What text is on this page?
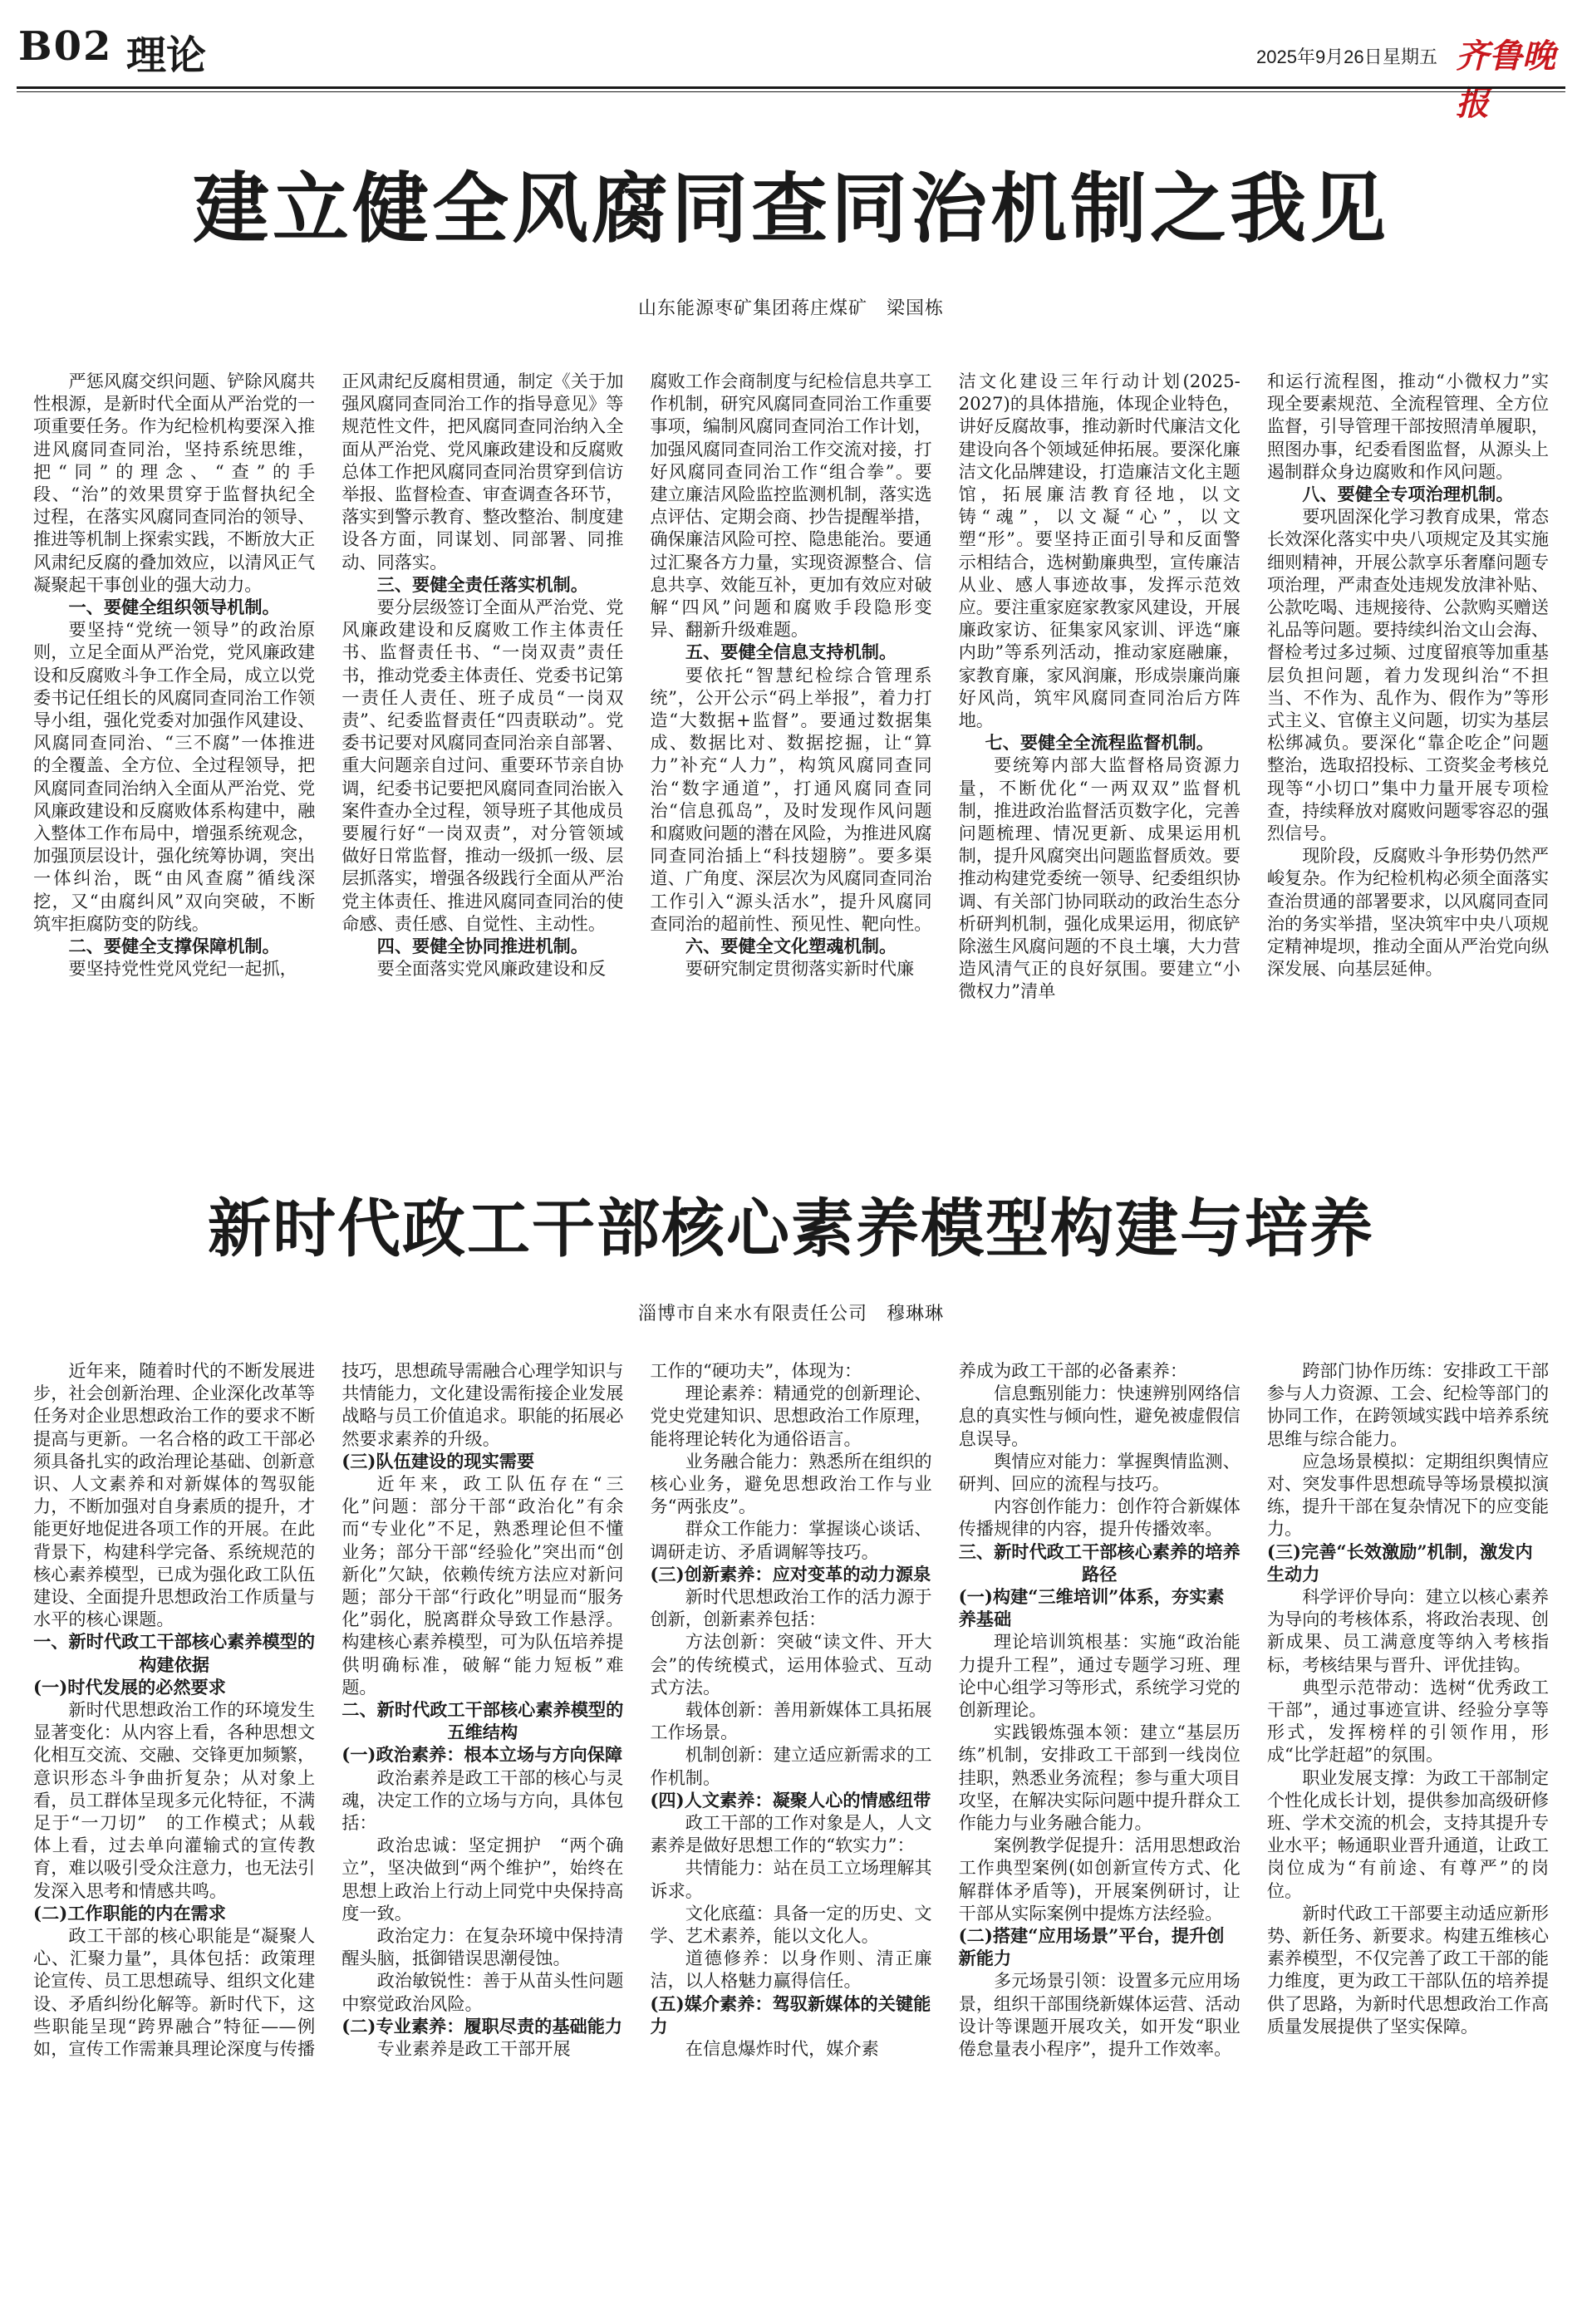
B02 理论	2025年9月26日 星期五 齐鲁晚报
建立健全风腐同查同治机制之我见
山东能源枣矿集团蒋庄煤矿　梁国栋

严惩风腐交织问题、铲除风腐共性根源，是新时代全面从严治党的一项重要任务。作为纪检机构要深入推进风腐同查同治，坚持系统思维，把“同”的理念、“查”的手段、“治”的效果贯穿于监督执纪全过程，在落实风腐同查同治的领导、推进等机制上探索实践，不断放大正风肃纪反腐的叠加效应，以清风正气凝聚起干事创业的强大动力。

一、要健全组织领导机制。

要坚持“党统一领导”的政治原则，立足全面从严治党，党风廉政建设和反腐败斗争工作全局，成立以党委书记任组长的风腐同查同治工作领导小组，强化党委对加强作风建设、风腐同查同治、“三不腐”一体推进的全覆盖、全方位、全过程领导，把风腐同查同治纳入全面从严治党、党风廉政建设和反腐败体系构建中，融入整体工作布局中，增强系统观念，加强顶层设计，强化统筹协调，突出一体纠治，既“由风查腐”循线深挖，又“由腐纠风”双向突破，不断筑牢拒腐防变的防线。

二、要健全支撑保障机制。

要坚持党性党风党纪一起抓，

正风肃纪反腐相贯通，制定《关于加强风腐同查同治工作的指导意见》等规范性文件，把风腐同查同治纳入全面从严治党、党风廉政建设和反腐败总体工作把风腐同查同治贯穿到信访举报、监督检查、审查调查各环节，落实到警示教育、整改整治、制度建设各方面，同谋划、同部署、同推动、同落实。

三、要健全责任落实机制。

要分层级签订全面从严治党、党风廉政建设和反腐败工作主体责任书、监督责任书、“一岗双责”责任书，推动党委主体责任、党委书记第一责任人责任、班子成员“一岗双责”、纪委监督责任“四责联动”。党委书记要对风腐同查同治亲自部署、重大问题亲自过问、重要环节亲自协调，纪委书记要把风腐同查同治嵌入案件查办全过程，领导班子其他成员要履行好“一岗双责”，对分管领域做好日常监督，推动一级抓一级、层层抓落实，增强各级践行全面从严治党主体责任、推进风腐同查同治的使命感、责任感、自觉性、主动性。

四、要健全协同推进机制。

要全面落实党风廉政建设和反

腐败工作会商制度与纪检信息共享工作机制，研究风腐同查同治工作重要事项，编制风腐同查同治工作计划，加强风腐同查同治工作交流对接，打好风腐同查同治工作“组合拳”。要建立廉洁风险监控监测机制，落实选点评估、定期会商、抄告提醒举措，确保廉洁风险可控、隐患能治。要通过汇聚各方力量，实现资源整合、信息共享、效能互补，更加有效应对破解“四风”问题和腐败手段隐形变异、翻新升级难题。

五、要健全信息支持机制。

要依托“智慧纪检综合管理系统”，公开公示“码上举报”，着力打造“大数据+监督”。要通过数据集成、数据比对、数据挖掘，让“算力”补充“人力”，构筑风腐同查同治“数字通道”，打通风腐同查同治“信息孤岛”，及时发现作风问题和腐败问题的潜在风险，为推进风腐同查同治插上“科技翅膀”。要多渠道、广角度、深层次为风腐同查同治工作引入“源头活水”，提升风腐同查同治的超前性、预见性、靶向性。

六、要健全文化塑魂机制。

要研究制定贯彻落实新时代廉

洁文化建设三年行动计划(2025-2027)的具体措施，体现企业特色，讲好反腐故事，推动新时代廉洁文化建设向各个领域延伸拓展。要深化廉洁文化品牌建设，打造廉洁文化主题馆，拓展廉洁教育径地，以文铸“魂”，以文凝“心”，以文塑“形”。要坚持正面引导和反面警示相结合，选树勤廉典型，宣传廉洁从业、感人事迹故事，发挥示范效应。要注重家庭家教家风建设，开展廉政家访、征集家风家训、评选“廉内助”等系列活动，推动家庭融廉，家教育廉，家风润廉，形成崇廉尚廉好风尚，筑牢风腐同查同治后方阵地。

七、要健全全流程监督机制。

要统筹内部大监督格局资源力量，不断优化“一两双双”监督机制，推进政治监督活页数字化，完善问题梳理、情况更新、成果运用机制，提升风腐突出问题监督质效。要推动构建党委统一领导、纪委组织协调、有关部门协同联动的政治生态分析研判机制，强化成果运用，彻底铲除滋生风腐问题的不良土壤，大力营造风清气正的良好氛围。要建立“小微权力”清单

和运行流程图，推动“小微权力”实现全要素规范、全流程管理、全方位监督，引导管理干部按照清单履职，照图办事，纪委看图监督，从源头上遏制群众身边腐败和作风问题。

八、要健全专项治理机制。

要巩固深化学习教育成果，常态长效深化落实中央八项规定及其实施细则精神，开展公款享乐奢靡问题专项治理，严肃查处违规发放津补贴、公款吃喝、违规接待、公款购买赠送礼品等问题。要持续纠治文山会海、督检考过多过频、过度留痕等加重基层负担问题，着力发现纠治“不担当、不作为、乱作为、假作为”等形式主义、官僚主义问题，切实为基层松绑减负。要深化“靠企吃企”问题整治，选取招投标、工资奖金考核兑现等“小切口”集中力量开展专项检查，持续释放对腐败问题零容忍的强烈信号。

现阶段，反腐败斗争形势仍然严峻复杂。作为纪检机构必须全面落实查治贯通的部署要求，以风腐同查同治的务实举措，坚决筑牢中央八项规定精神堤坝，推动全面从严治党向纵深发展、向基层延伸。

新时代政工干部核心素养模型构建与培养
淄博市自来水有限责任公司　穆琳琳

近年来，随着时代的不断发展进步，社会创新治理、企业深化改革等任务对企业思想政治工作的要求不断提高与更新。一名合格的政工干部必须具备扎实的政治理论基础、创新意识、人文素养和对新媒体的驾驭能力，不断加强对自身素质的提升，才能更好地促进各项工作的开展。在此背景下，构建科学完备、系统规范的核心素养模型，已成为强化政工队伍建设、全面提升思想政治工作质量与水平的核心课题。

一、新时代政工干部核心素养模型的构建依据
(一)时代发展的必然要求

新时代思想政治工作的环境发生显著变化：从内容上看，各种思想文化相互交流、交融、交锋更加频繁，意识形态斗争曲折复杂；从对象上看，员工群体呈现多元化特征，不满足于“一刀切”　的工作模式；从载体上看，过去单向灌输式的宣传教育，难以吸引受众注意力，也无法引发深入思考和情感共鸣。

(二)工作职能的内在需求

政工干部的核心职能是“凝聚人心、汇聚力量”，具体包括：政策理论宣传、员工思想疏导、组织文化建设、矛盾纠纷化解等。新时代下，这些职能呈现“跨界融合”特征——例如，宣传工作需兼具理论深度与传播

技巧，思想疏导需融合心理学知识与共情能力，文化建设需衔接企业发展战略与员工价值追求。职能的拓展必然要求素养的升级。

(三)队伍建设的现实需要

近年来，政工队伍存在“三化”问题：部分干部“政治化”有余而“专业化”不足，熟悉理论但不懂业务；部分干部“经验化”突出而“创新化”欠缺，依赖传统方法应对新问题；部分干部“行政化”明显而“服务化”弱化，脱离群众导致工作悬浮。构建核心素养模型，可为队伍培养提供明确标准，破解“能力短板”难题。

二、新时代政工干部核心素养模型的五维结构
(一)政治素养：根本立场与方向保障

政治素养是政工干部的核心与灵魂，决定工作的立场与方向，具体包括：

政治忠诚：坚定拥护　“两个确立”，坚决做到“两个维护”，始终在思想上政治上行动上同党中央保持高度一致。

政治定力：在复杂环境中保持清醒头脑，抵御错误思潮侵蚀。

政治敏锐性：善于从苗头性问题中察觉政治风险。

(二)专业素养：履职尽责的基础能力

专业素养是政工干部开展

工作的“硬功夫”，体现为：

理论素养：精通党的创新理论、党史党建知识、思想政治工作原理，能将理论转化为通俗语言。

业务融合能力：熟悉所在组织的核心业务，避免思想政治工作与业务“两张皮”。

群众工作能力：掌握谈心谈话、调研走访、矛盾调解等技巧。

(三)创新素养：应对变革的动力源泉

新时代思想政治工作的活力源于创新，创新素养包括：

方法创新：突破“读文件、开大会”的传统模式，运用体验式、互动式方法。

载体创新：善用新媒体工具拓展工作场景。

机制创新：建立适应新需求的工作机制。

(四)人文素养：凝聚人心的情感纽带

政工干部的工作对象是人，人文素养是做好思想工作的“软实力”：

共情能力：站在员工立场理解其诉求。

文化底蕴：具备一定的历史、文学、艺术素养，能以文化人。

道德修养：以身作则、清正廉洁，以人格魅力赢得信任。

(五)媒介素养：驾驭新媒体的关键能力

在信息爆炸时代，媒介素

养成为政工干部的必备素养：

信息甄别能力：快速辨别网络信息的真实性与倾向性，避免被虚假信息误导。

舆情应对能力：掌握舆情监测、研判、回应的流程与技巧。

内容创作能力：创作符合新媒体传播规律的内容，提升传播效率。

三、新时代政工干部核心素养的培养路径
(一)构建“三维培训”体系，夯实素养基础

理论培训筑根基：实施“政治能力提升工程”，通过专题学习班、理论中心组学习等形式，系统学习党的创新理论。

实践锻炼强本领：建立“基层历练”机制，安排政工干部到一线岗位挂职，熟悉业务流程；参与重大项目攻坚，在解决实际问题中提升群众工作能力与业务融合能力。

案例教学促提升：活用思想政治工作典型案例(如创新宣传方式、化解群体矛盾等)，开展案例研讨，让干部从实际案例中提炼方法经验。

(二)搭建“应用场景”平台，提升创新能力

多元场景引领：设置多元应用场景，组织干部围绕新媒体运营、活动设计等课题开展攻关，如开发“职业倦怠量表小程序”，提升工作效率。

跨部门协作历练：安排政工干部参与人力资源、工会、纪检等部门的协同工作，在跨领域实践中培养系统思维与综合能力。

应急场景模拟：定期组织舆情应对、突发事件思想疏导等场景模拟演练，提升干部在复杂情况下的应变能力。

(三)完善“长效激励”机制，激发内生动力

科学评价导向：建立以核心素养为导向的考核体系，将政治表现、创新成果、员工满意度等纳入考核指标，考核结果与晋升、评优挂钩。

典型示范带动：选树“优秀政工干部”，通过事迹宣讲、经验分享等形式，发挥榜样的引领作用，形成“比学赶超”的氛围。

职业发展支撑：为政工干部制定个性化成长计划，提供参加高级研修班、学术交流的机会，支持其提升专业水平；畅通职业晋升通道，让政工岗位成为“有前途、有尊严”的岗位。

新时代政工干部要主动适应新形势、新任务、新要求。构建五维核心素养模型，不仅完善了政工干部的能力维度，更为政工干部队伍的培养提供了思路，为新时代思想政治工作高质量发展提供了坚实保障。
